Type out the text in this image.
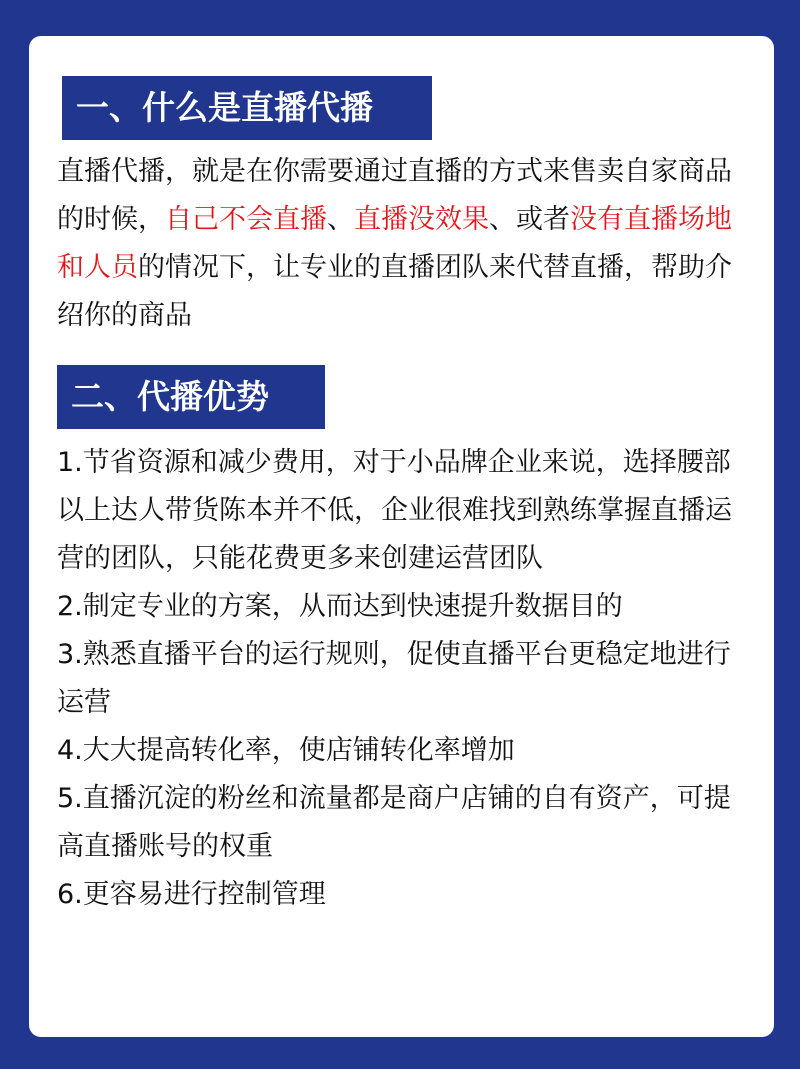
一、什么是直播代播
直播代播，就是在你需要通过直播的方式来售卖自家商品的时候，自己不会直播、直播没效果、或者没有直播场地和人员的情况下，让专业的直播团队来代替直播，帮助介绍你的商品
二、代播优势
1.节省资源和减少费用，对于小品牌企业来说，选择腰部以上达人带货陈本并不低，企业很难找到熟练掌握直播运营的团队，只能花费更多来创建运营团队
2.制定专业的方案，从而达到快速提升数据目的
3.熟悉直播平台的运行规则，促使直播平台更稳定地进行运营
4.大大提高转化率，使店铺转化率增加
5.直播沉淀的粉丝和流量都是商户店铺的自有资产，可提高直播账号的权重
6.更容易进行控制管理
